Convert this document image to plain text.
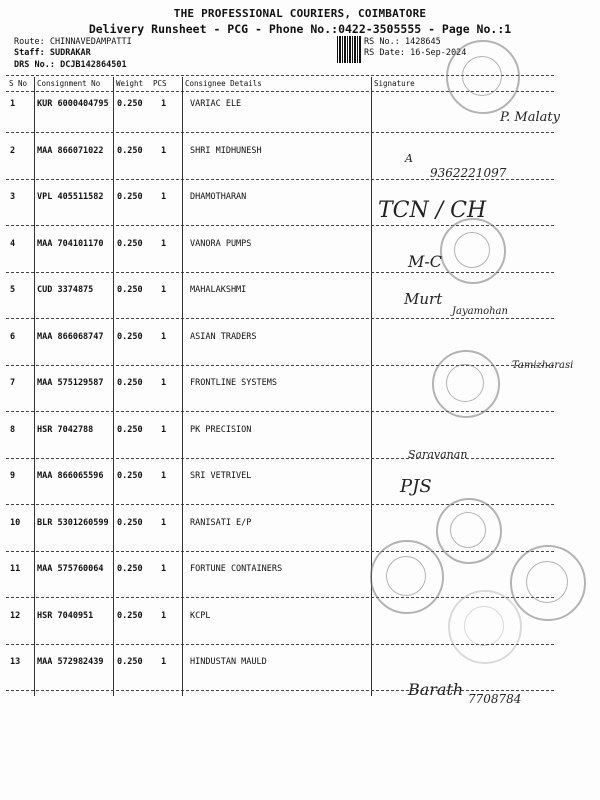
THE PROFESSIONAL COURIERS, COIMBATORE
Delivery Runsheet - PCG - Phone No.:0422-3505555 - Page No.:1
Route: CHINNAVEDAMPATTI
Staff: SUDRAKAR
DRS No.: DCJB142864501
RS No.: 1428645
RS Date: 16-Sep-2024
S No Consignment No Weight PCS Consignee Details	Signature
1	KUR 6000404795 0.250 1	VARIAC ELE
2	MAA 866071022 0.250 1	SHRI MIDHUNESH
3	VPL 405511582 0.250 1	DHAMOTHARAN
4	MAA 704101170 0.250 1	VANORA PUMPS
5	CUD 3374875	0.250 1	MAHALAKSHMI
6	MAA 866068747 0.250 1	ASIAN TRADERS
7	MAA 575129587 0.250 1	FRONTLINE SYSTEMS
8	HSR 7042788	0.250 1	PK PRECISION
9	MAA 866065596 0.250 1	SRI VETRIVEL
10 BLR 5301260599 0.250 1	RANISATI E/P
11 MAA 575760064 0.250 1	FORTUNE CONTAINERS
12 HSR 7040951	0.250 1	KCPL
13 MAA 572982439 0.250 1	HINDUSTAN MAULD
P. Malaty
A
9362221097
TCN / CH
M-C
Murt
Jayamohan
Tamizharasi
Saravanan
PJS
Barath 7708784
